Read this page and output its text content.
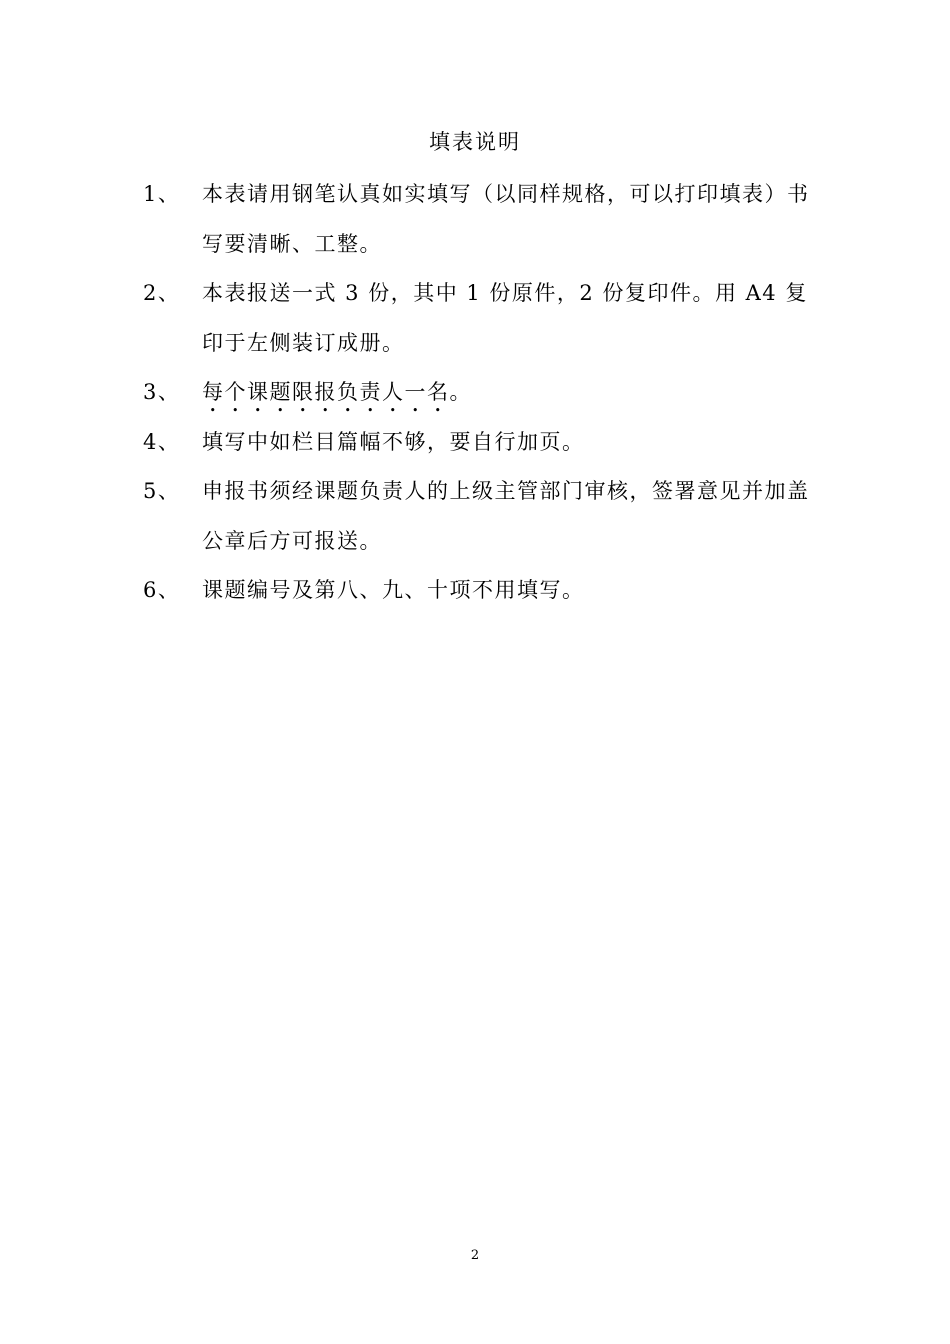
填表说明
1、 本表请用钢笔认真如实填写（以同样规格，可以打印填表）书写要清晰、工整。
2、 本表报送一式 3 份，其中 1 份原件，2 份复印件。用 A4 复印于左侧装订成册。
3、 每个课题限报负责人一名。
4、 填写中如栏目篇幅不够，要自行加页。
5、 申报书须经课题负责人的上级主管部门审核，签署意见并加盖公章后方可报送。
6、 课题编号及第八、九、十项不用填写。
2
